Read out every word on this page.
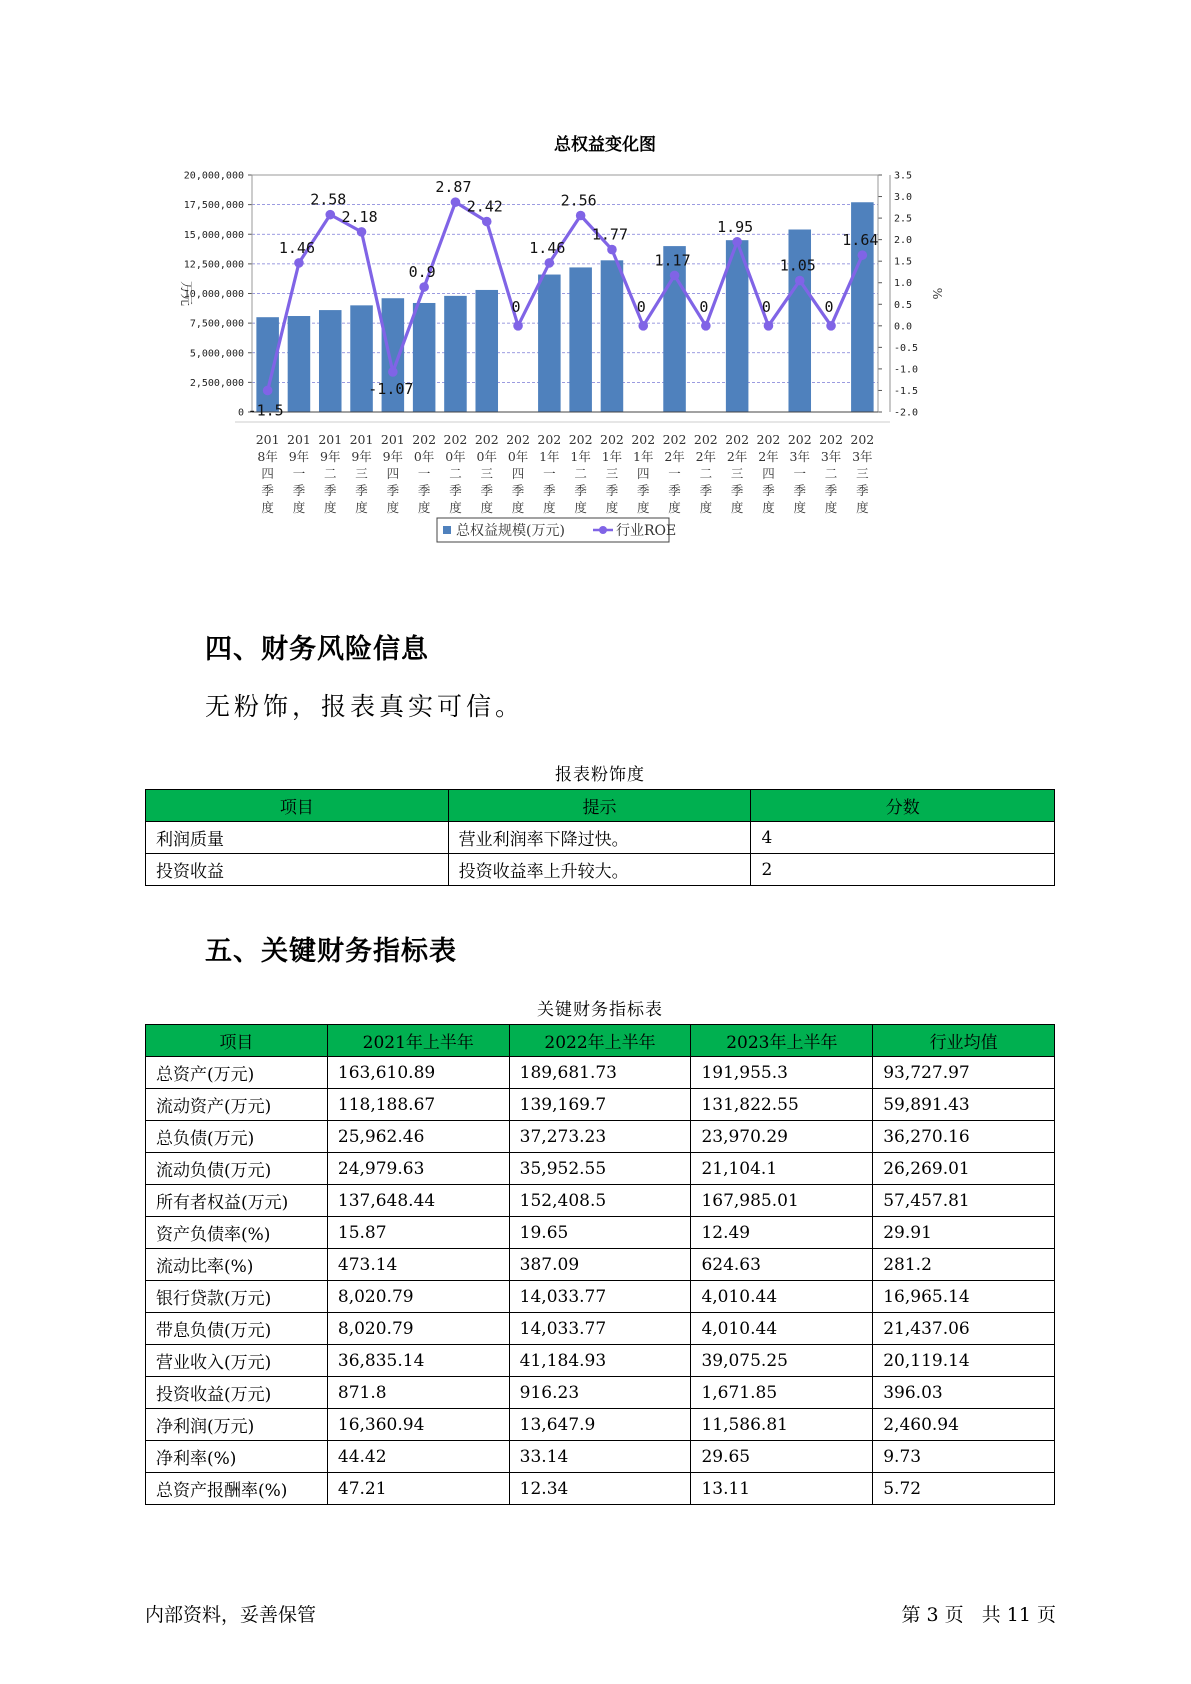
总权益变化图
0
2,500,000
5,000,000
7,500,000
10,000,000
12,500,000
15,000,000
17,500,000
20,000,000
-2.0
-1.5
-1.0
-0.5
0.0
0.5
1.0
1.5
2.0
2.5
3.0
3.5
万元	%
-1.5
1.46
2.58
2.18
-1.07
0.9
2.87
2.42
0
1.46
2.56
1.77
0
1.17
0
1.95
0
1.05
0
1.64
201
8年
四
季
度
201
9年
一
季
度
201
9年
二
季
度
201
9年
三
季
度
201
9年
四
季
度
202
0年
一
季
度
202
0年
二
季
度
202
0年
三
季
度
202
0年
四
季
度
202
1年
一
季
度
202
1年
二
季
度
202
1年
三
季
度
202
1年
四
季
度
202
2年
一
季
度
202
2年
二
季
度
202
2年
三
季
度
202
2年
四
季
度
202
3年
一
季
度
202
3年
二
季
度
202
3年
三
季
度
总权益规模(万元)	行业ROE
四、财务风险信息

无粉饰，报表真实可信。

报表粉饰度
项目	提示	分数
利润质量	营业利润率下降过快。	4
投资收益	投资收益率上升较大。	2
五、关键财务指标表
关键财务指标表
项目	2021年上半年	2022年上半年	2023年上半年	行业均值
总资产(万元)	163,610.89	189,681.73	191,955.3	93,727.97
流动资产(万元)	118,188.67	139,169.7	131,822.55	59,891.43
总负债(万元)	25,962.46	37,273.23	23,970.29	36,270.16
流动负债(万元)	24,979.63	35,952.55	21,104.1	26,269.01
所有者权益(万元)	137,648.44	152,408.5	167,985.01	57,457.81
资产负债率(%)	15.87	19.65	12.49	29.91
流动比率(%)	473.14	387.09	624.63	281.2
银行贷款(万元)	8,020.79	14,033.77	4,010.44	16,965.14
带息负债(万元)	8,020.79	14,033.77	4,010.44	21,437.06
营业收入(万元)	36,835.14	41,184.93	39,075.25	20,119.14
投资收益(万元)	871.8	916.23	1,671.85	396.03
净利润(万元)	16,360.94	13,647.9	11,586.81	2,460.94
净利率(%)	44.42	33.14	29.65	9.73
总资产报酬率(%)	47.21	12.34	13.11	5.72
内部资料，妥善保管	第 3 页   共 11 页
